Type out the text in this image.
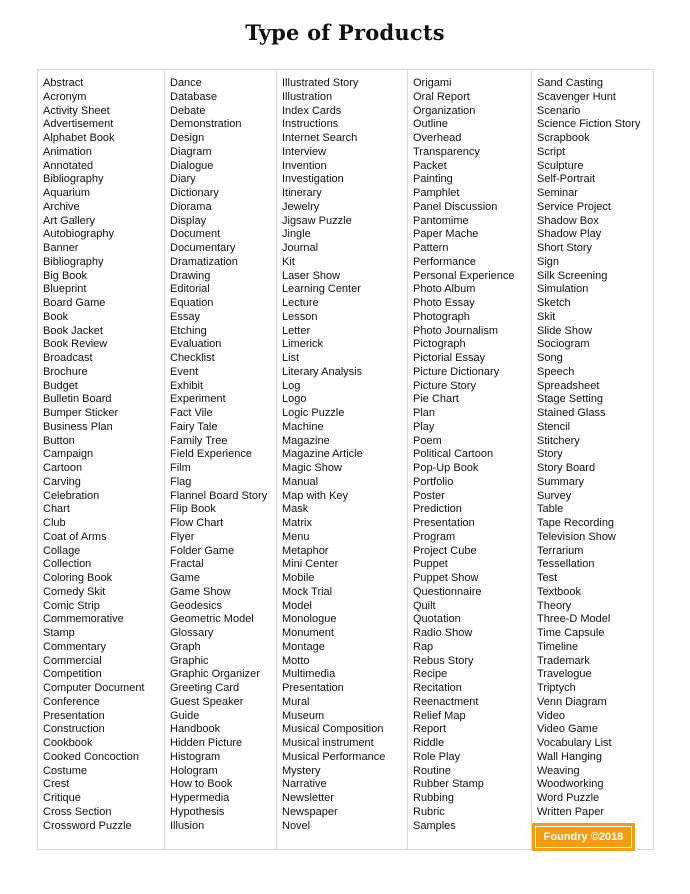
Type of Products
Abstract
Acronym
Activity Sheet
Advertisement
Alphabet Book
Animation
Annotated
Bibliography
Aquarium
Archive
Art Gallery
Autobiography
Banner
Bibliography
Big Book
Blueprint
Board Game
Book
Book Jacket
Book Review
Broadcast
Brochure
Budget
Bulletin Board
Bumper Sticker
Business Plan
Button
Campaign
Cartoon
Carving
Celebration
Chart
Club
Coat of Arms
Collage
Collection
Coloring Book
Comedy Skit
Comic Strip
Commemorative
Stamp
Commentary
Commercial
Competition
Computer Document
Conference
Presentation
Construction
Cookbook
Cooked Concoction
Costume
Crest
Critique
Cross Section
Crossword Puzzle
Dance
Database
Debate
Demonstration
Design
Diagram
Dialogue
Diary
Dictionary
Diorama
Display
Document
Documentary
Dramatization
Drawing
Editorial
Equation
Essay
Etching
Evaluation
Checklist
Event
Exhibit
Experiment
Fact Vile
Fairy Tale
Family Tree
Field Experience
Film
Flag
Flannel Board Story
Flip Book
Flow Chart
Flyer
Folder Game
Fractal
Game
Game Show
Geodesics
Geometric Model
Glossary
Graph
Graphic
Graphic Organizer
Greeting Card
Guest Speaker
Guide
Handbook
Hidden Picture
Histogram
Hologram
How to Book
Hypermedia
Hypothesis
Illusion
Illustrated Story
Illustration
Index Cards
Instructions
Internet Search
Interview
Invention
Investigation
Itinerary
Jewelry
Jigsaw Puzzle
Jingle
Journal
Kit
Laser Show
Learning Center
Lecture
Lesson
Letter
Limerick
List
Literary Analysis
Log
Logo
Logic Puzzle
Machine
Magazine
Magazine Article
Magic Show
Manual
Map with Key
Mask
Matrix
Menu
Metaphor
Mini Center
Mobile
Mock Trial
Model
Monologue
Monument
Montage
Motto
Multimedia
Presentation
Mural
Museum
Musical Composition
Musical instrument
Musical Performance
Mystery
Narrative
Newsletter
Newspaper
Novel
Origami
Oral Report
Organization
Outline
Overhead
Transparency
Packet
Painting
Pamphlet
Panel Discussion
Pantomime
Paper Mache
Pattern
Performance
Personal Experience
Photo Album
Photo Essay
Photograph
Photo Journalism
Pictograph
Pictorial Essay
Picture Dictionary
Picture Story
Pie Chart
Plan
Play
Poem
Political Cartoon
Pop-Up Book
Portfolio
Poster
Prediction
Presentation
Program
Project Cube
Puppet
Puppet Show
Questionnaire
Quilt
Quotation
Radio Show
Rap
Rebus Story
Recipe
Recitation
Reenactment
Relief Map
Report
Riddle
Role Play
Routine
Rubber Stamp
Rubbing
Rubric
Samples
Sand Casting
Scavenger Hunt
Scenario
Science Fiction Story
Scrapbook
Script
Sculpture
Self-Portrait
Seminar
Service Project
Shadow Box
Shadow Play
Short Story
Sign
Silk Screening
Simulation
Sketch
Skit
Slide Show
Sociogram
Song
Speech
Spreadsheet
Stage Setting
Stained Glass
Stencil
Stitchery
Story
Story Board
Summary
Survey
Table
Tape Recording
Television Show
Terrarium
Tessellation
Test
Textbook
Theory
Three-D Model
Time Capsule
Timeline
Trademark
Travelogue
Triptych
Venn Diagram
Video
Video Game
Vocabulary List
Wall Hanging
Weaving
Woodworking
Word Puzzle
Written Paper
Foundry ©2018
